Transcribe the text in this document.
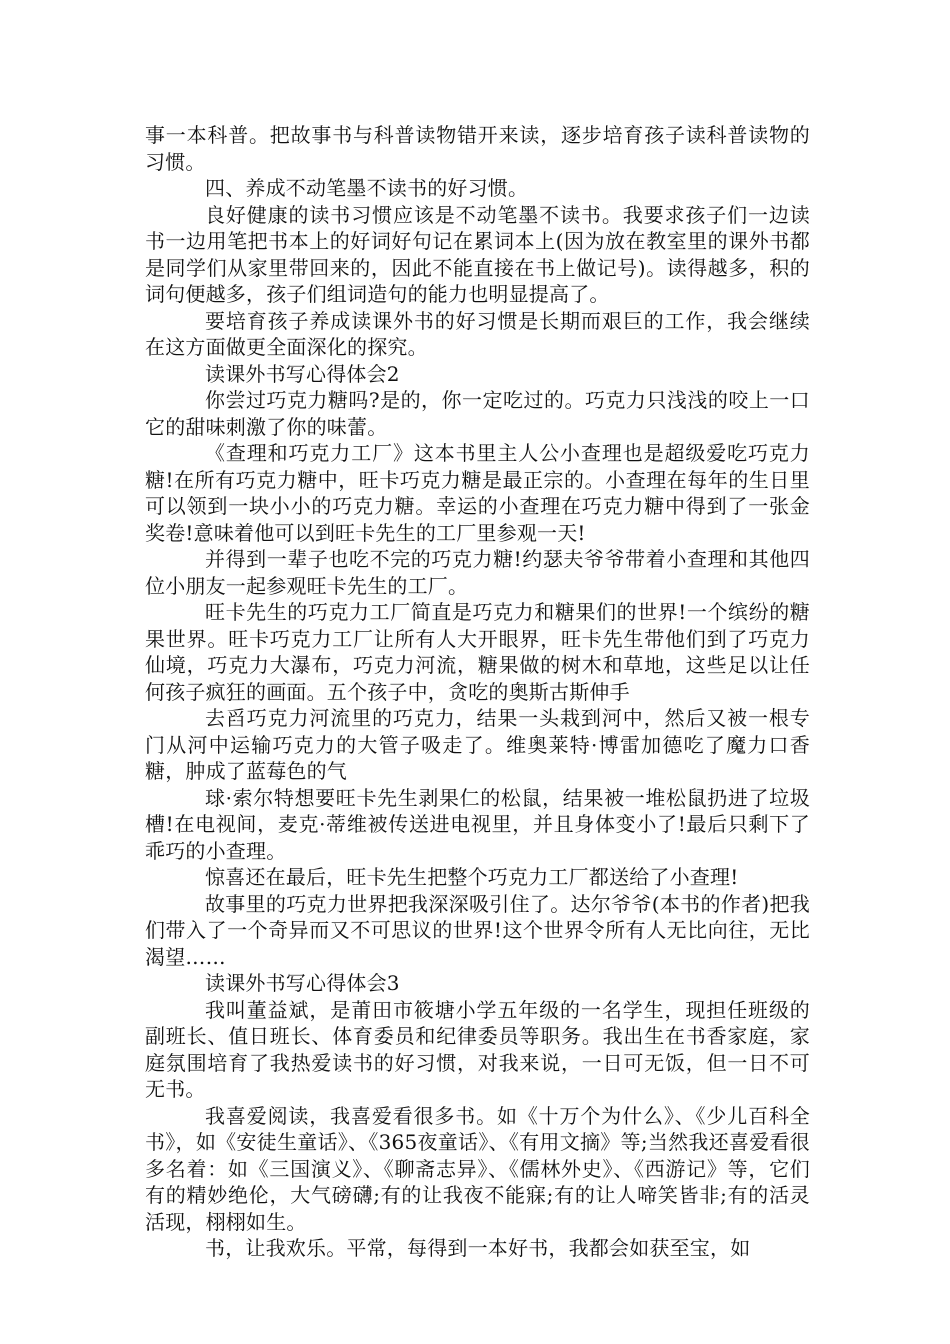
事一本科普。把故事书与科普读物错开来读，逐步培育孩子读科普读物的习惯。

四、养成不动笔墨不读书的好习惯。

良好健康的读书习惯应该是不动笔墨不读书。我要求孩子们一边读书一边用笔把书本上的好词好句记在累词本上(因为放在教室里的课外书都是同学们从家里带回来的，因此不能直接在书上做记号)。读得越多，积的词句便越多，孩子们组词造句的能力也明显提高了。

要培育孩子养成读课外书的好习惯是长期而艰巨的工作，我会继续在这方面做更全面深化的探究。

读课外书写心得体会2

你尝过巧克力糖吗?是的，你一定吃过的。巧克力只浅浅的咬上一口它的甜味刺激了你的味蕾。

《查理和巧克力工厂》这本书里主人公小查理也是超级爱吃巧克力糖!在所有巧克力糖中，旺卡巧克力糖是最正宗的。小查理在每年的生日里可以领到一块小小的巧克力糖。幸运的小查理在巧克力糖中得到了一张金奖卷!意味着他可以到旺卡先生的工厂里参观一天!

并得到一辈子也吃不完的巧克力糖!约瑟夫爷爷带着小查理和其他四位小朋友一起参观旺卡先生的工厂。

旺卡先生的巧克力工厂简直是巧克力和糖果们的世界!一个缤纷的糖果世界。旺卡巧克力工厂让所有人大开眼界，旺卡先生带他们到了巧克力仙境，巧克力大瀑布，巧克力河流，糖果做的树木和草地，这些足以让任何孩子疯狂的画面。五个孩子中，贪吃的奥斯古斯伸手

去舀巧克力河流里的巧克力，结果一头栽到河中，然后又被一根专门从河中运输巧克力的大管子吸走了。维奥莱特·博雷加德吃了魔力口香糖，肿成了蓝莓色的气

球·索尔特想要旺卡先生剥果仁的松鼠，结果被一堆松鼠扔进了垃圾槽!在电视间，麦克·蒂维被传送进电视里，并且身体变小了!最后只剩下了乖巧的小查理。

惊喜还在最后，旺卡先生把整个巧克力工厂都送给了小查理!

故事里的巧克力世界把我深深吸引住了。达尔爷爷(本书的作者)把我们带入了一个奇异而又不可思议的世界!这个世界令所有人无比向往，无比渴望……

读课外书写心得体会3

我叫董益斌，是莆田市筱塘小学五年级的一名学生，现担任班级的副班长、值日班长、体育委员和纪律委员等职务。我出生在书香家庭，家庭氛围培育了我热爱读书的好习惯，对我来说，一日可无饭，但一日不可无书。

我喜爱阅读，我喜爱看很多书。如《十万个为什么》、《少儿百科全书》，如《安徒生童话》、《365夜童话》、《有用文摘》等;当然我还喜爱看很多名着：如《三国演义》、《聊斋志异》、《儒林外史》、《西游记》等，它们有的精妙绝伦，大气磅礴;有的让我夜不能寐;有的让人啼笑皆非;有的活灵活现，栩栩如生。

书，让我欢乐。平常，每得到一本好书，我都会如获至宝，如
